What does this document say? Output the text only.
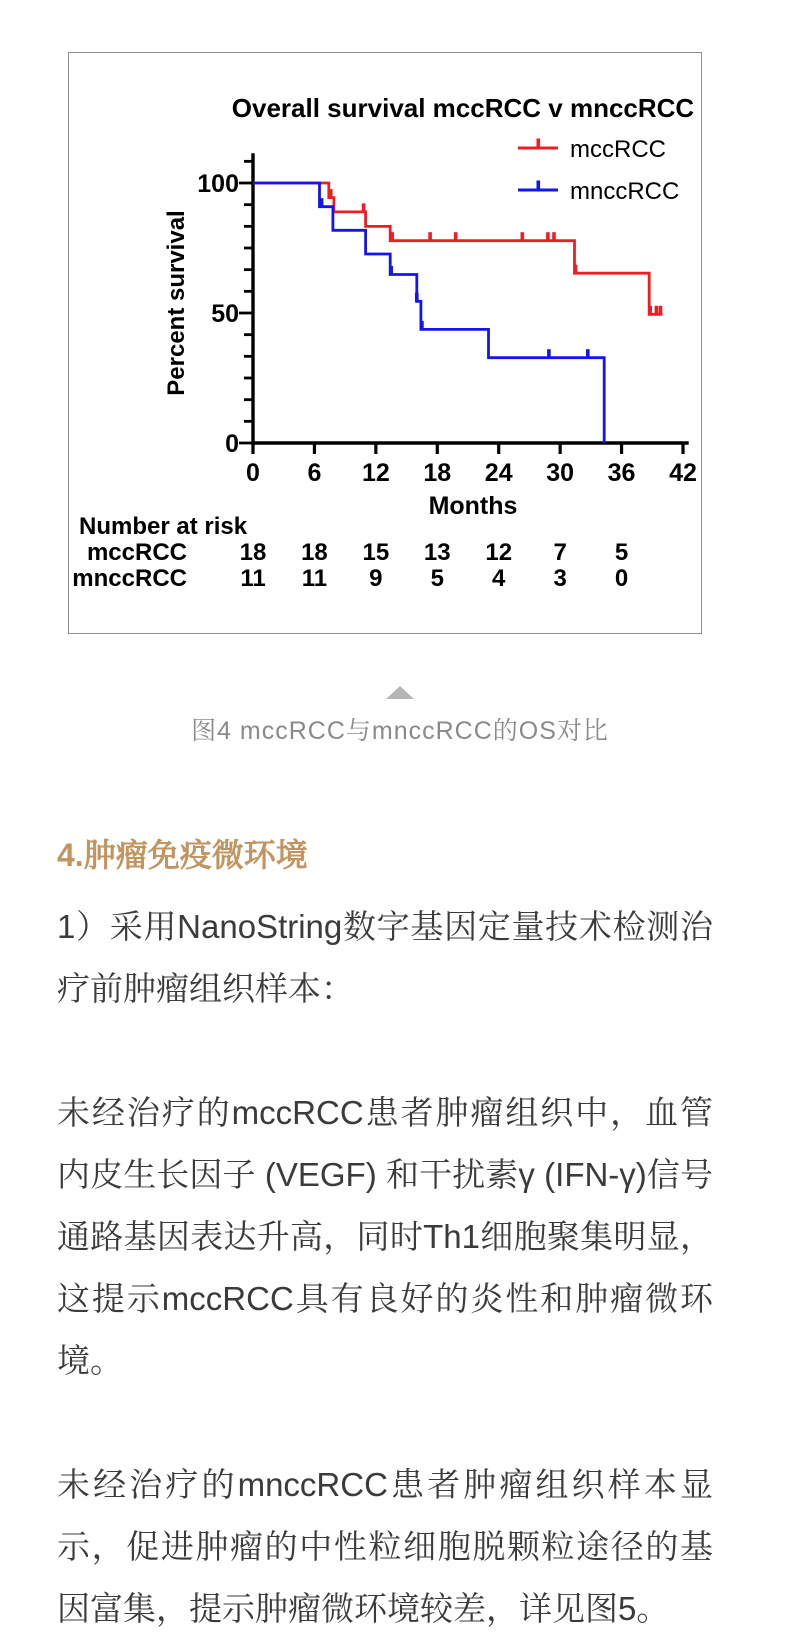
Overall survival mccRCC v mnccRCC
mccRCC
mnccRCC
0
50
100
Percent survival
0 6 12 18 24 30 36 42
Months
Number at risk
mccRCC 18 18 15 13 12 7 5
mnccRCC 11 11 9 5 4 3 0
图4 mccRCC与mnccRCC的OS对比
4.肿瘤免疫微环境

1）采用NanoString数字基因定量技术检测治疗前肿瘤组织样本：

未经治疗的mccRCC患者肿瘤组织中，血管内皮生长因子 (VEGF) 和干扰素γ (IFN-γ)信号通路基因表达升高，同时Th1细胞聚集明显，这提示mccRCC具有良好的炎性和肿瘤微环境。

未经治疗的mnccRCC患者肿瘤组织样本显示，促进肿瘤的中性粒细胞脱颗粒途径的基因富集，提示肿瘤微环境较差，详见图5。
